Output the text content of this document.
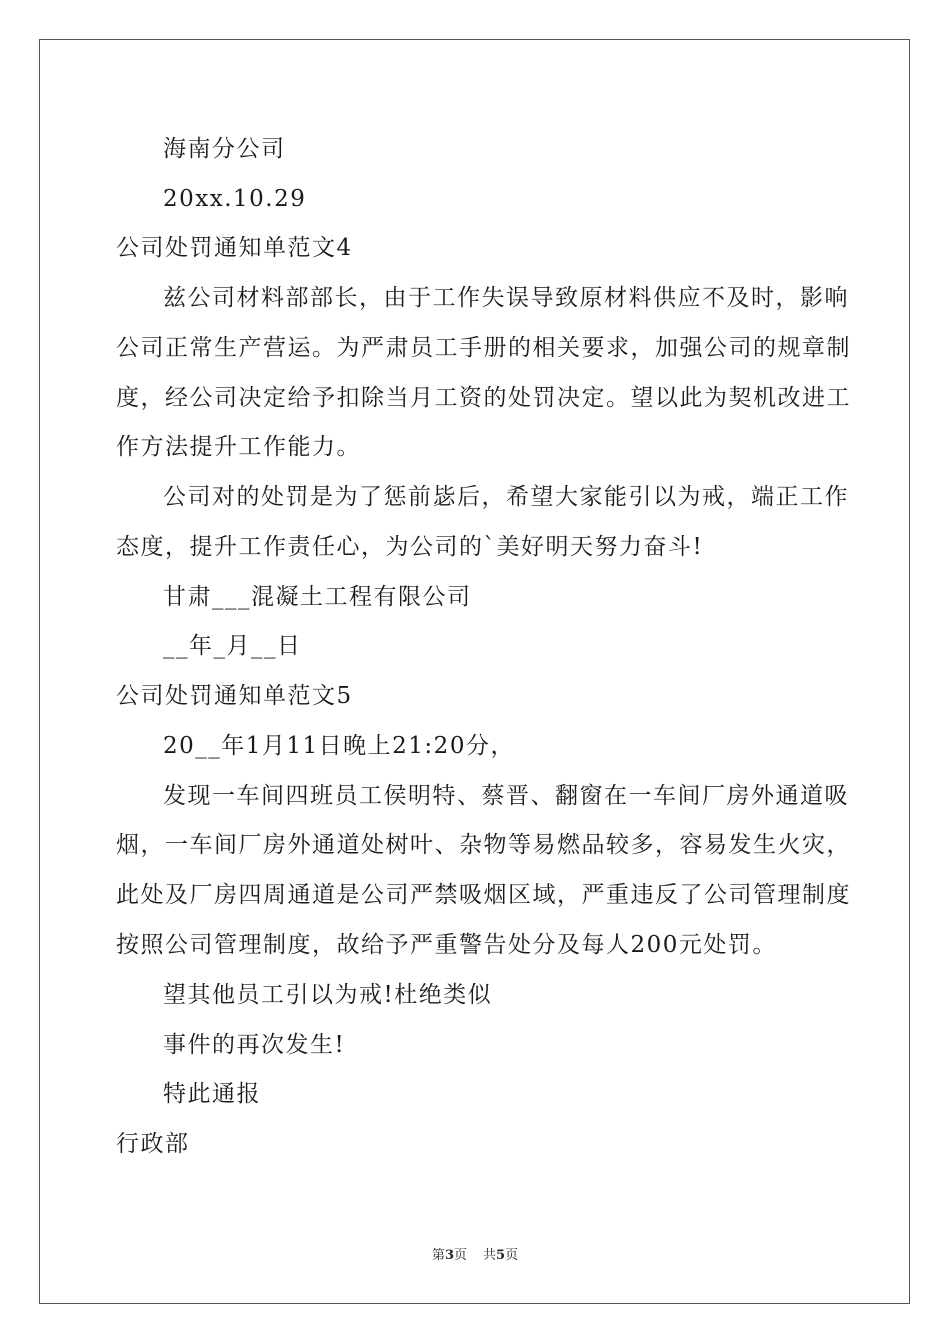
海南分公司
20xx.10.29
公司处罚通知单范文4
兹公司材料部部长，由于工作失误导致原材料供应不及时，影响
公司正常生产营运。为严肃员工手册的相关要求，加强公司的规章制
度，经公司决定给予扣除当月工资的处罚决定。望以此为契机改进工
作方法提升工作能力。
公司对的处罚是为了惩前毖后，希望大家能引以为戒，端正工作
态度，提升工作责任心，为公司的`美好明天努力奋斗!
甘肃___混凝土工程有限公司
__年_月__日
公司处罚通知单范文5
20__年1月11日晚上21:20分，
发现一车间四班员工侯明特、蔡晋、翻窗在一车间厂房外通道吸
烟，一车间厂房外通道处树叶、杂物等易燃品较多，容易发生火灾，
此处及厂房四周通道是公司严禁吸烟区域，严重违反了公司管理制度
按照公司管理制度，故给予严重警告处分及每人200元处罚。
望其他员工引以为戒!杜绝类似
事件的再次发生!
特此通报
行政部
第3页 共5页
